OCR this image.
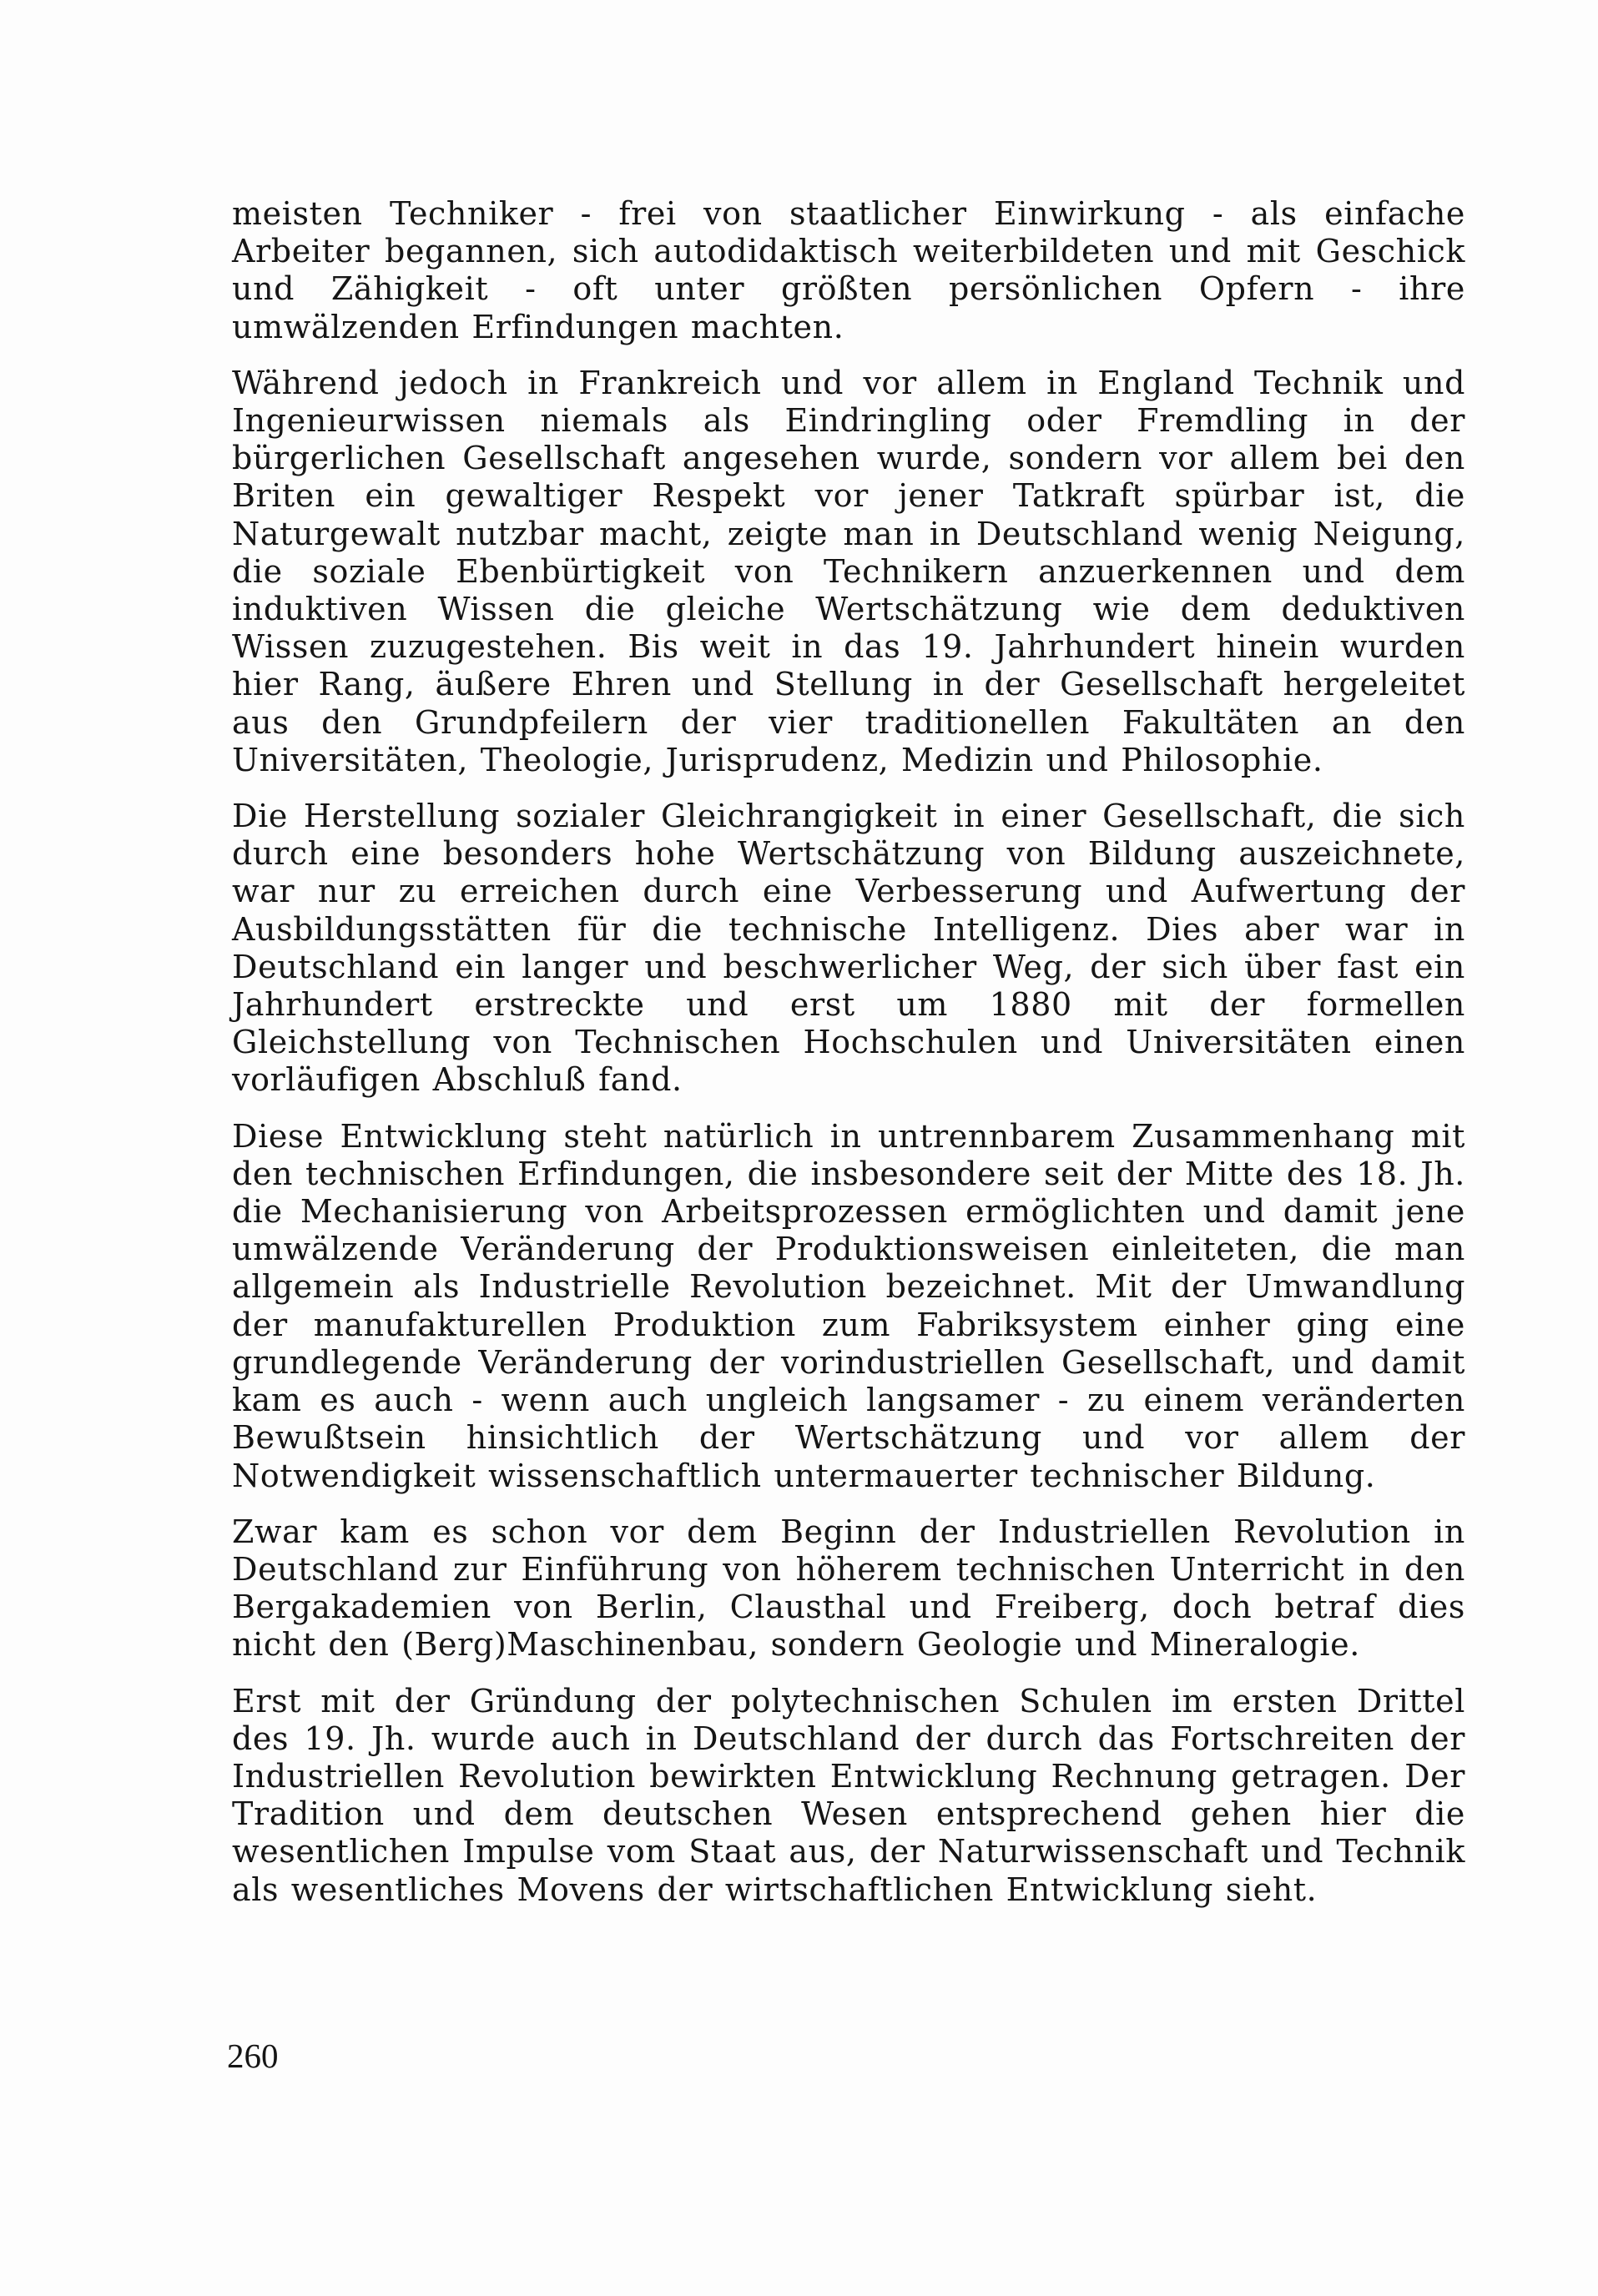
meisten Techniker - frei von staatlicher Einwirkung - als einfache Arbeiter begannen, sich autodidaktisch weiterbildeten und mit Geschick und Zähigkeit - oft unter größten persönlichen Opfern - ihre umwälzenden Erfindungen machten.

Während jedoch in Frankreich und vor allem in England Technik und Ingenieurwissen niemals als Eindringling oder Fremdling in der bürgerlichen Gesellschaft angesehen wurde, sondern vor allem bei den Briten ein gewaltiger Respekt vor jener Tatkraft spürbar ist, die Naturgewalt nutzbar macht, zeigte man in Deutschland wenig Neigung, die soziale Ebenbürtigkeit von Technikern anzuerkennen und dem induktiven Wissen die gleiche Wertschätzung wie dem deduktiven Wissen zuzugestehen. Bis weit in das 19. Jahrhundert hinein wurden hier Rang, äußere Ehren und Stellung in der Gesellschaft hergeleitet aus den Grundpfeilern der vier traditionellen Fakultäten an den Universitäten, Theologie, Jurisprudenz, Medizin und Philosophie.

Die Herstellung sozialer Gleichrangigkeit in einer Gesellschaft, die sich durch eine besonders hohe Wertschätzung von Bildung auszeichnete, war nur zu erreichen durch eine Verbesserung und Aufwertung der Ausbildungsstätten für die technische Intelligenz. Dies aber war in Deutschland ein langer und beschwerlicher Weg, der sich über fast ein Jahrhundert erstreckte und erst um 1880 mit der formellen Gleichstellung von Technischen Hochschulen und Universitäten einen vorläufigen Abschluß fand.

Diese Entwicklung steht natürlich in untrennbarem Zusammenhang mit den technischen Erfindungen, die insbesondere seit der Mitte des 18. Jh. die Mechanisierung von Arbeitsprozessen ermöglichten und damit jene umwälzende Veränderung der Produktionsweisen einleiteten, die man allgemein als Industrielle Revolution bezeichnet. Mit der Umwandlung der manufakturellen Produktion zum Fabriksystem einher ging eine grundlegende Veränderung der vorindustriellen Gesellschaft, und damit kam es auch - wenn auch ungleich langsamer - zu einem veränderten Bewußtsein hinsichtlich der Wertschätzung und vor allem der Notwendigkeit wissenschaftlich untermauerter technischer Bildung.

Zwar kam es schon vor dem Beginn der Industriellen Revolution in Deutschland zur Einführung von höherem technischen Unterricht in den Bergakademien von Berlin, Clausthal und Freiberg, doch betraf dies nicht den (Berg)Maschinenbau, sondern Geologie und Mineralogie.

Erst mit der Gründung der polytechnischen Schulen im ersten Drittel des 19. Jh. wurde auch in Deutschland der durch das Fortschreiten der Industriellen Revolution bewirkten Entwicklung Rechnung getragen. Der Tradition und dem deutschen Wesen entsprechend gehen hier die wesentlichen Impulse vom Staat aus, der Naturwissenschaft und Technik als wesentliches Movens der wirtschaftlichen Entwicklung sieht.

260
